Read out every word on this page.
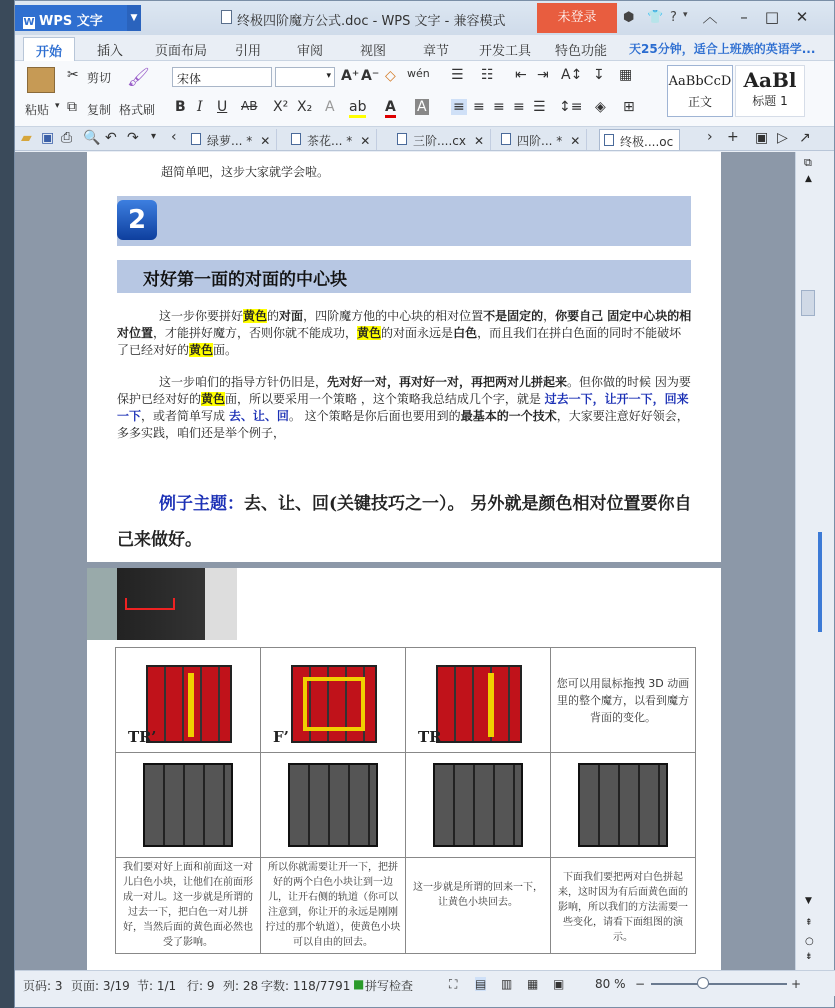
W WPS 文字	▼	终极四阶魔方公式.doc - WPS 文字 - 兼容模式	未登录	⬢ 👕 ? ▾ ︿	–	□	✕
开始	插入 页面布局 引用	审阅	视图	章节 开发工具 特色功能 天25分钟，适合上班族的英语学...
粘贴 ▾
✂ 剪切
⧉ 复制
🖌
格式刷
宋体	▾ A⁺ A⁻ ◇ wén
B I U AB X² X₂ A ab A A
☰ ☷ ⇤ ⇥ A↕ ↧ ▦
≡ ≡ ≡ ≡ ☰ ↕≡ ◈ ⊞
AaBbCcD
正文
AaBl
标题 1
▰ ▣ ⎙ 🔍 ↶ ↷ ▾ ‹	绿萝... * ✕	茶花... * ✕	三阶....cx ✕	四阶... * ✕	终极....oc	› + ▣ ▷ ↗
超简单吧，这步大家就学会啦。
2
对好第一面的对面的中心块
这一步你要拼好黄色的对面，四阶魔方他的中心块的相对位置不是固定的，你要自己 固定中心块的相对位置，才能拼好魔方，否则你就不能成功，黄色的对面永远是白色，而且我们在拼白色面的同时不能破坏了已经对好的黄色面。
这一步咱们的指导方针仍旧是，先对好一对，再对好一对，再把两对儿拼起来。但你做的时候 因为要保护已经对好的黄色面，所以要采用一个策略 ，这个策略我总结成几个字，就是 过去一下，让开一下，回来一下，或者简单写成 去、让、回。 这个策略是你后面也要用到的最基本的一个技术，大家要注意好好领会，多多实践，咱们还是举个例子，
例子主题：去、让、回(关键技巧之一）。 另外就是颜色相对位置要你自己来做好。
TR’	F’	TR	您可以用鼠标拖拽 3D 动画里的整个魔方，以看到魔方背面的变化。

我们要对好上面和前面这一对儿白色小块，让他们在前面形成一对儿。这一步就是所谓的过去一下，把白色一对儿拼好，当然后面的黄色面必然也受了影响。	所以你就需要让开一下，把拼好的两个白色小块让到一边儿，让开右侧的轨道（你可以注意到，你让开的永远是刚刚拧过的那个轨道），使黄色小块可以自由的回去。	这一步就是所谓的回来一下，让黄色小块回去。	下面我们要把两对白色拼起来，这时因为有后面黄色面的影响，所以我们的方法需要一些变化，请看下面组图的演示。
⧉
▲
▼
⇞
○
⇟
页码: 3 页面: 3/19 节: 1/1 行: 9 列: 28 字数: 118/7791 ■ 拼写检查	⛶ ▤ ▥ ▦ ▣	80 % −	+
